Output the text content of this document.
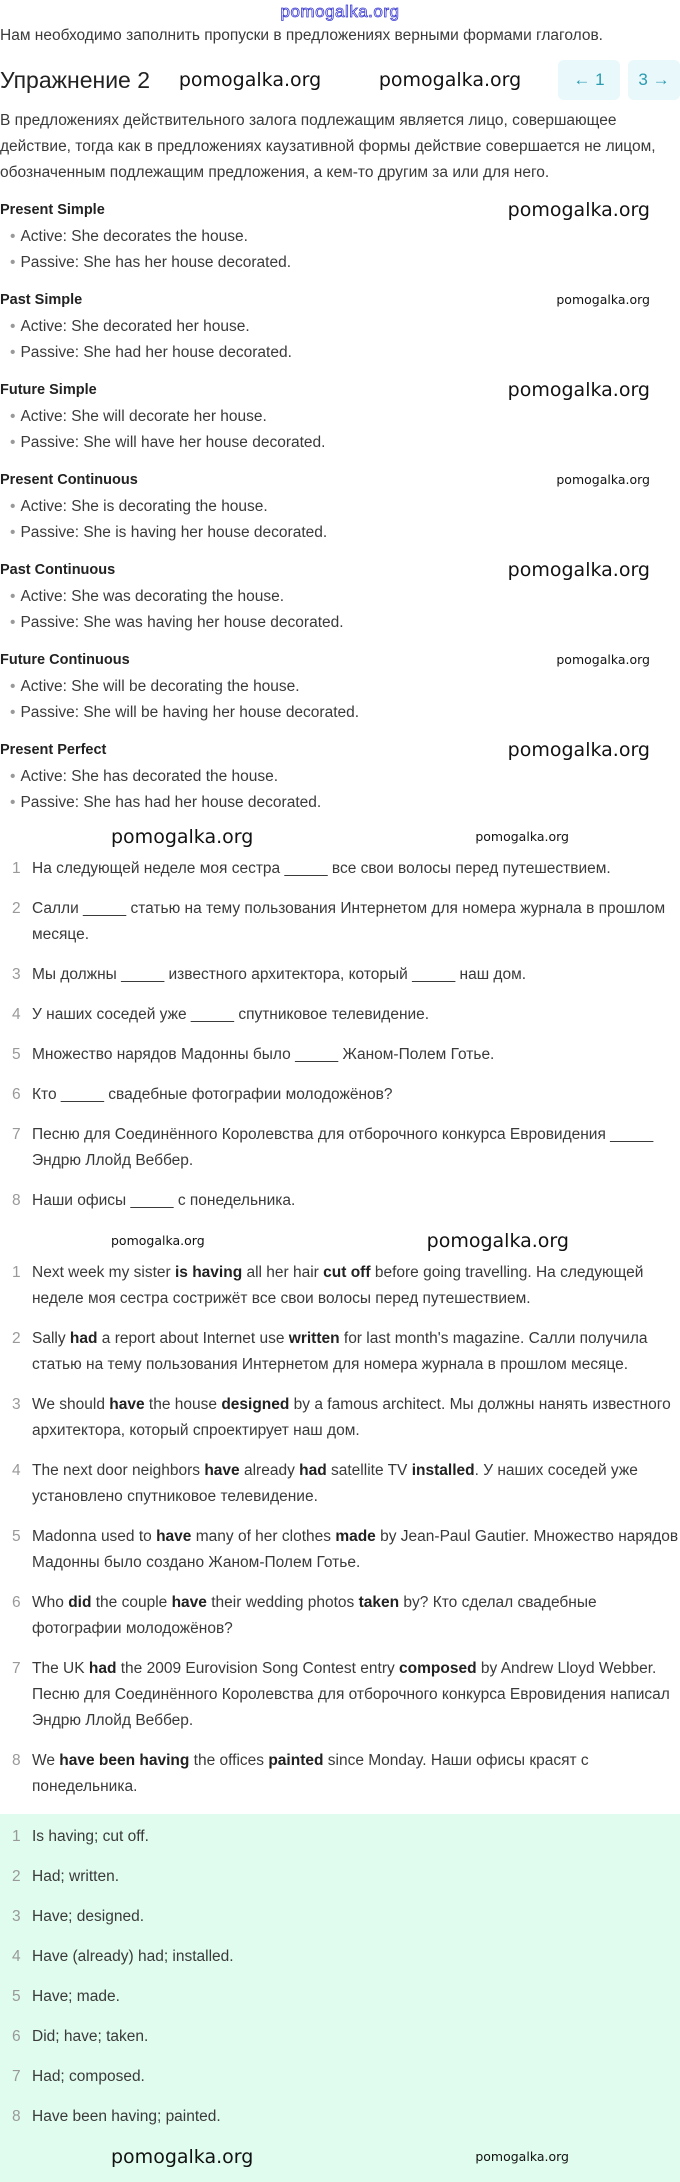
pomogalka.org
Нам необходимо заполнить пропуски в предложениях верными формами глаголов.
Упражнение 2 pomogalka.org	pomogalka.org	← 1	3 →
В предложениях действительного залога подлежащим является лицо, совершающее действие, тогда как в предложениях каузативной формы действие совершается не лицом, обозначенным подлежащим предложения, а кем-то другим за или для него.
Present Simple	pomogalka.org
• Active: She decorates the house.
• Passive: She has her house decorated.
Past Simple	pomogalka.org
• Active: She decorated her house.
• Passive: She had her house decorated.
Future Simple	pomogalka.org
• Active: She will decorate her house.
• Passive: She will have her house decorated.
Present Continuous	pomogalka.org
• Active: She is decorating the house.
• Passive: She is having her house decorated.
Past Continuous	pomogalka.org
• Active: She was decorating the house.
• Passive: She was having her house decorated.
Future Continuous	pomogalka.org
• Active: She will be decorating the house.
• Passive: She will be having her house decorated.
Present Perfect	pomogalka.org
• Active: She has decorated the house.
• Passive: She has had her house decorated.
pomogalka.org	pomogalka.org
1 На следующей неделе моя сестра _____ все свои волосы перед путешествием.
2 Салли _____ статью на тему пользования Интернетом для номера журнала в прошлом месяце.
3 Мы должны _____ известного архитектора, который _____ наш дом.
4 У наших соседей уже _____ спутниковое телевидение.
5 Множество нарядов Мадонны было _____ Жаном-Полем Готье.
6 Кто _____ свадебные фотографии молодожёнов?
7 Песню для Соединённого Королевства для отборочного конкурса Евровидения _____ Эндрю Ллойд Веббер.
8 Наши офисы _____ с понедельника.
pomogalka.org	pomogalka.org
1 Next week my sister is having all her hair cut off before going travelling. На следующей неделе моя сестра сострижёт все свои волосы перед путешествием.
2 Sally had a report about Internet use written for last month's magazine. Салли получила статью на тему пользования Интернетом для номера журнала в прошлом месяце.
3 We should have the house designed by a famous architect. Мы должны нанять известного архитектора, который спроектирует наш дом.
4 The next door neighbors have already had satellite TV installed. У наших соседей уже установлено спутниковое телевидение.
5 Madonna used to have many of her clothes made by Jean-Paul Gautier. Множество нарядов Мадонны было создано Жаном-Полем Готье.
6 Who did the couple have their wedding photos taken by? Кто сделал свадебные фотографии молодожёнов?
7 The UK had the 2009 Eurovision Song Contest entry composed by Andrew Lloyd Webber. Песню для Соединённого Королевства для отборочного конкурса Евровидения написал Эндрю Ллойд Веббер.
8 We have been having the offices painted since Monday. Наши офисы красят с понедельника.
1 Is having; cut off.
2 Had; written.
3 Have; designed.
4 Have (already) had; installed.
5 Have; made.
6 Did; have; taken.
7 Had; composed.
8 Have been having; painted.
pomogalka.org	pomogalka.org
